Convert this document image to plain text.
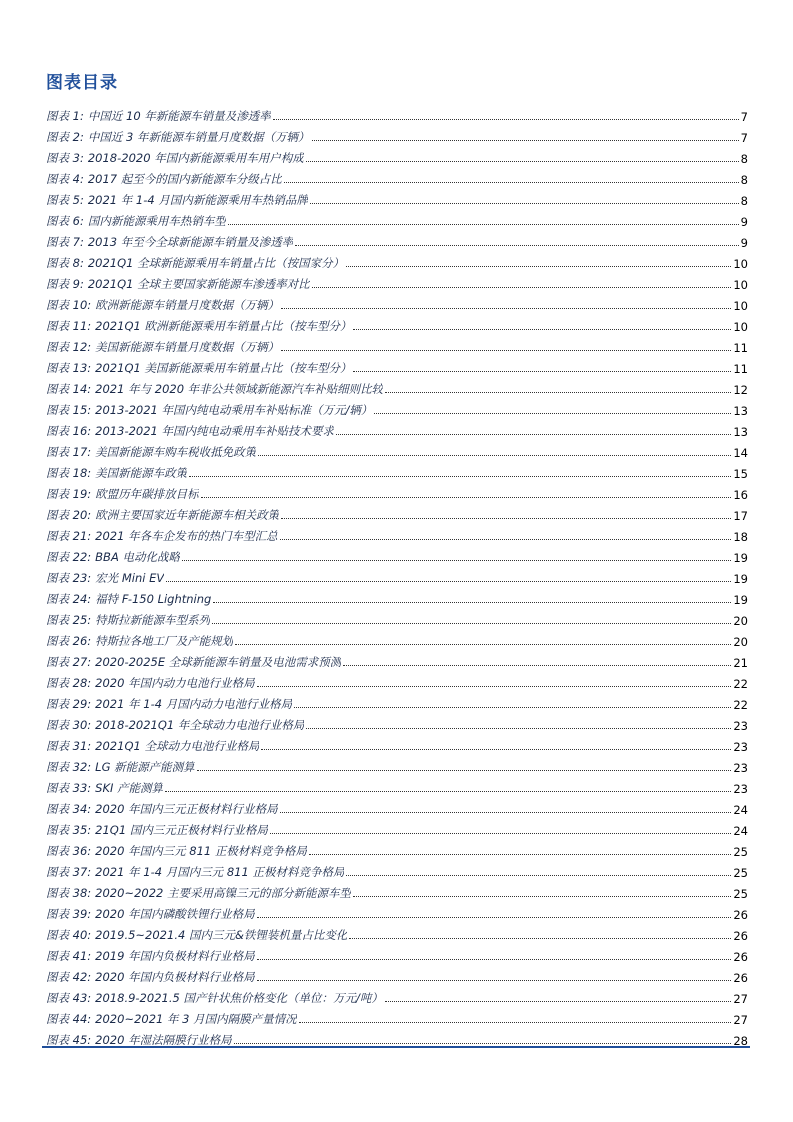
图表目录
图表 1: 中国近 10 年新能源车销量及渗透率	7
图表 2: 中国近 3 年新能源车销量月度数据（万辆）	7
图表 3: 2018-2020 年国内新能源乘用车用户构成	8
图表 4: 2017 起至今的国内新能源车分级占比	8
图表 5: 2021 年 1-4 月国内新能源乘用车热销品牌	8
图表 6: 国内新能源乘用车热销车型	9
图表 7: 2013 年至今全球新能源车销量及渗透率	9
图表 8: 2021Q1 全球新能源乘用车销量占比（按国家分）	10
图表 9: 2021Q1 全球主要国家新能源车渗透率对比	10
图表 10: 欧洲新能源车销量月度数据（万辆）	10
图表 11: 2021Q1 欧洲新能源乘用车销量占比（按车型分）	10
图表 12: 美国新能源车销量月度数据（万辆）	11
图表 13: 2021Q1 美国新能源乘用车销量占比（按车型分）	11
图表 14: 2021 年与 2020 年非公共领域新能源汽车补贴细则比较	12
图表 15: 2013-2021 年国内纯电动乘用车补贴标准（万元/辆）	13
图表 16: 2013-2021 年国内纯电动乘用车补贴技术要求	13
图表 17: 美国新能源车购车税收抵免政策	14
图表 18: 美国新能源车政策	15
图表 19: 欧盟历年碳排放目标	16
图表 20: 欧洲主要国家近年新能源车相关政策	17
图表 21: 2021 年各车企发布的热门车型汇总	18
图表 22: BBA 电动化战略	19
图表 23: 宏光 Mini EV	19
图表 24: 福特 F-150 Lightning	19
图表 25: 特斯拉新能源车型系列	20
图表 26: 特斯拉各地工厂及产能规划	20
图表 27: 2020-2025E 全球新能源车销量及电池需求预测	21
图表 28: 2020 年国内动力电池行业格局	22
图表 29: 2021 年 1-4 月国内动力电池行业格局	22
图表 30: 2018-2021Q1 年全球动力电池行业格局	23
图表 31: 2021Q1 全球动力电池行业格局	23
图表 32: LG 新能源产能测算	23
图表 33: SKI 产能测算	23
图表 34: 2020 年国内三元正极材料行业格局	24
图表 35: 21Q1 国内三元正极材料行业格局	24
图表 36: 2020 年国内三元 811 正极材料竞争格局	25
图表 37: 2021 年 1-4 月国内三元 811 正极材料竞争格局	25
图表 38: 2020~2022 主要采用高镍三元的部分新能源车型	25
图表 39: 2020 年国内磷酸铁锂行业格局	26
图表 40: 2019.5~2021.4 国内三元&铁锂装机量占比变化	26
图表 41: 2019 年国内负极材料行业格局	26
图表 42: 2020 年国内负极材料行业格局	26
图表 43: 2018.9-2021.5 国产针状焦价格变化（单位：万元/吨）	27
图表 44: 2020~2021 年 3 月国内隔膜产量情况	27
图表 45: 2020 年湿法隔膜行业格局	28
